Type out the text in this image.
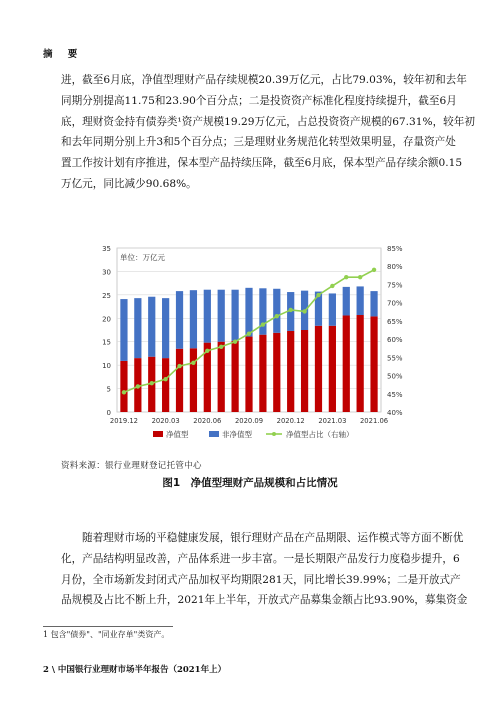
摘 要

进，截至6月底，净值型理财产品存续规模20.39万亿元，占比79.03%，较年初和去年
同期分别提高11.75和23.90个百分点；二是投资资产标准化程度持续提升，截至6月
底，理财资金持有债券类¹资产规模19.29万亿元，占总投资资产规模的67.31%，较年初
和去年同期分别上升3和5个百分点；三是理财业务规范化转型效果明显，存量资产处
置工作按计划有序推进，保本型产品持续压降，截至6月底，保本型产品存续余额0.15
万亿元，同比减少90.68%。

0
5
10
15
20
25
30
35
40%
45%
50%
55%
60%
65%
70%
75%
80%
85%
单位：万亿元
2019.12 2020.03 2020.06 2020.09 2020.12 2021.03 2021.06
净值型	非净值型	净值型占比（右轴）
资料来源：银行业理财登记托管中心
图1　净值型理财产品规模和占比情况

随着理财市场的平稳健康发展，银行理财产品在产品期限、运作模式等方面不断优
化，产品结构明显改善，产品体系进一步丰富。一是长期限产品发行力度稳步提升，6
月份，全市场新发封闭式产品加权平均期限281天，同比增长39.99%；二是开放式产
品规模及占比不断上升，2021年上半年，开放式产品募集金额占比93.90%，募集资金

1 包含"债券"、"同业存单"类资产。
2 \ 中国银行业理财市场半年报告（2021年上）
